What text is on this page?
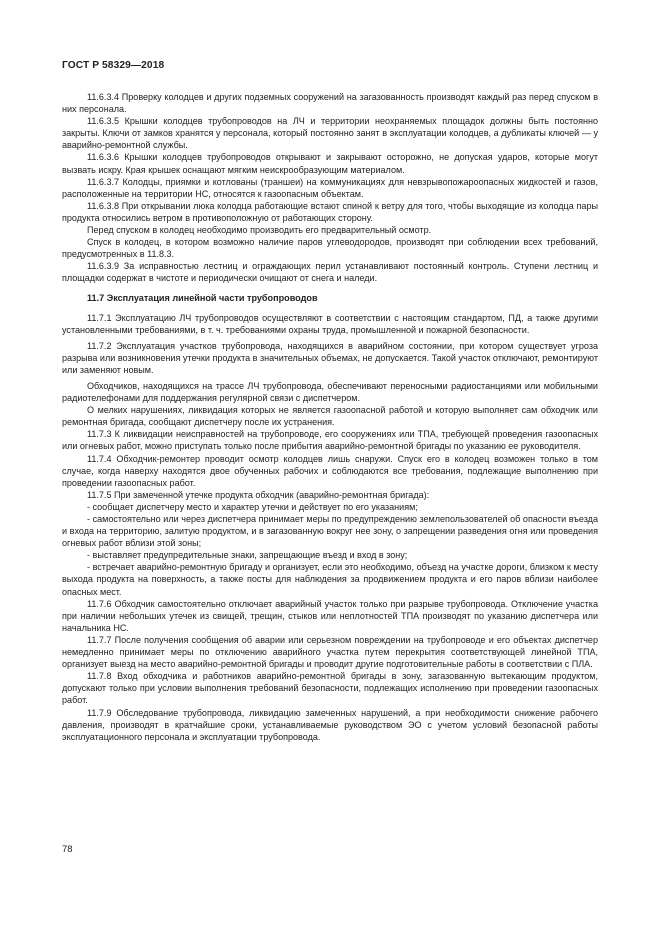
ГОСТ Р 58329—2018

11.6.3.4 Проверку колодцев и других подземных сооружений на загазованность производят каждый раз перед спуском в них персонала.

11.6.3.5 Крышки колодцев трубопроводов на ЛЧ и территории неохраняемых площадок должны быть постоянно закрыты. Ключи от замков хранятся у персонала, который постоянно занят в эксплуатации колодцев, а дубликаты ключей — у аварийно-ремонтной службы.

11.6.3.6 Крышки колодцев трубопроводов открывают и закрывают осторожно, не допуская ударов, которые могут вызвать искру. Края крышек оснащают мягким неискрообразующим материалом.

11.6.3.7 Колодцы, приямки и котлованы (траншеи) на коммуникациях для невзрывопожароопасных жидкостей и газов, расположенные на территории НС, относятся к газоопасным объектам.

11.6.3.8 При открывании люка колодца работающие встают спиной к ветру для того, чтобы выходящие из колодца пары продукта относились ветром в противоположную от работающих сторону.

Перед спуском в колодец необходимо производить его предварительный осмотр.

Спуск в колодец, в котором возможно наличие паров углеводородов, производят при соблюдении всех требований, предусмотренных в 11.8.3.

11.6.3.9 За исправностью лестниц и ограждающих перил устанавливают постоянный контроль. Ступени лестниц и площадки содержат в чистоте и периодически очищают от снега и наледи.

11.7 Эксплуатация линейной части трубопроводов

11.7.1 Эксплуатацию ЛЧ трубопроводов осуществляют в соответствии с настоящим стандартом, ПД, а также другими установленными требованиями, в т. ч. требованиями охраны труда, промышленной и пожарной безопасности.

11.7.2 Эксплуатация участков трубопровода, находящихся в аварийном состоянии, при котором существует угроза разрыва или возникновения утечки продукта в значительных объемах, не допускается. Такой участок отключают, ремонтируют или заменяют новым.

Обходчиков, находящихся на трассе ЛЧ трубопровода, обеспечивают переносными радиостанциями или мобильными радиотелефонами для поддержания регулярной связи с диспетчером.

О мелких нарушениях, ликвидация которых не является газоопасной работой и которую выполняет сам обходчик или ремонтная бригада, сообщают диспетчеру после их устранения.

11.7.3 К ликвидации неисправностей на трубопроводе, его сооружениях или ТПА, требующей проведения газоопасных или огневых работ, можно приступать только после прибытия аварийно-ремонтной бригады по указанию ее руководителя.

11.7.4 Обходчик-ремонтер проводит осмотр колодцев лишь снаружи. Спуск его в колодец возможен только в том случае, когда наверху находятся двое обученных рабочих и соблюдаются все требования, подлежащие выполнению при проведении газоопасных работ.

11.7.5 При замеченной утечке продукта обходчик (аварийно-ремонтная бригада):

- сообщает диспетчеру место и характер утечки и действует по его указаниям;

- самостоятельно или через диспетчера принимает меры по предупреждению землепользователей об опасности въезда и входа на территорию, залитую продуктом, и в загазованную вокруг нее зону, о запрещении разведения огня или проведения огневых работ вблизи этой зоны;

- выставляет предупредительные знаки, запрещающие въезд и вход в зону;

- встречает аварийно-ремонтную бригаду и организует, если это необходимо, объезд на участке дороги, близком к месту выхода продукта на поверхность, а также посты для наблюдения за продвижением продукта и его паров вблизи наиболее опасных мест.

11.7.6 Обходчик самостоятельно отключает аварийный участок только при разрыве трубопровода. Отключение участка при наличии небольших утечек из свищей, трещин, стыков или неплотностей ТПА производят по указанию диспетчера или начальника НС.

11.7.7 После получения сообщения об аварии или серьезном повреждении на трубопроводе и его объектах диспетчер немедленно принимает меры по отключению аварийного участка путем перекрытия соответствующей линейной ТПА, организует выезд на место аварийно-ремонтной бригады и проводит другие подготовительные работы в соответствии с ПЛА.

11.7.8 Вход обходчика и работников аварийно-ремонтной бригады в зону, загазованную вытекающим продуктом, допускают только при условии выполнения требований безопасности, подлежащих исполнению при проведении газоопасных работ.

11.7.9 Обследование трубопровода, ликвидацию замеченных нарушений, а при необходимости снижение рабочего давления, производят в кратчайшие сроки, устанавливаемые руководством ЭО с учетом условий безопасной работы эксплуатационного персонала и эксплуатации трубопровода.

78
